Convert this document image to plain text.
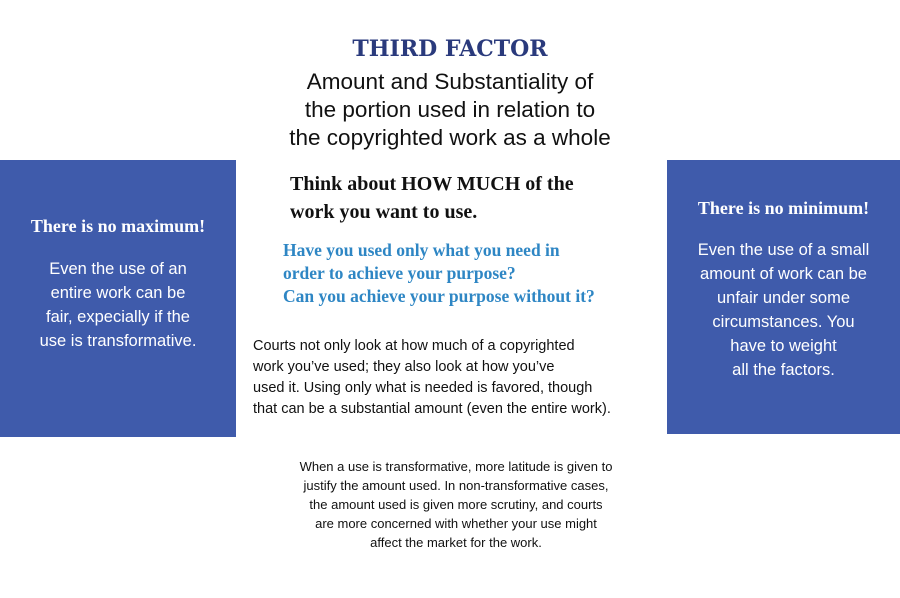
THIRD FACTOR
Amount and Substantiality of
the portion used in relation to
the copyrighted work as a whole
There is no maximum!
Even the use of an
entire work can be
fair, expecially if the
use is transformative.
Think about HOW MUCH of the
work you want to use.
Have you used only what you need in
order to achieve your purpose?
Can you achieve your purpose without it?
Courts not only look at how much of a copyrighted
work you’ve used; they also look at how you’ve
used it. Using only what is needed is favored, though
that can be a substantial amount (even the entire work).
When a use is transformative, more latitude is given to
justify the amount used. In non-transformative cases,
the amount used is given more scrutiny, and courts
are more concerned with whether your use might
affect the market for the work.
There is no minimum!
Even the use of a small
amount of work can be
unfair under some
circumstances. You
have to weight
all the factors.
